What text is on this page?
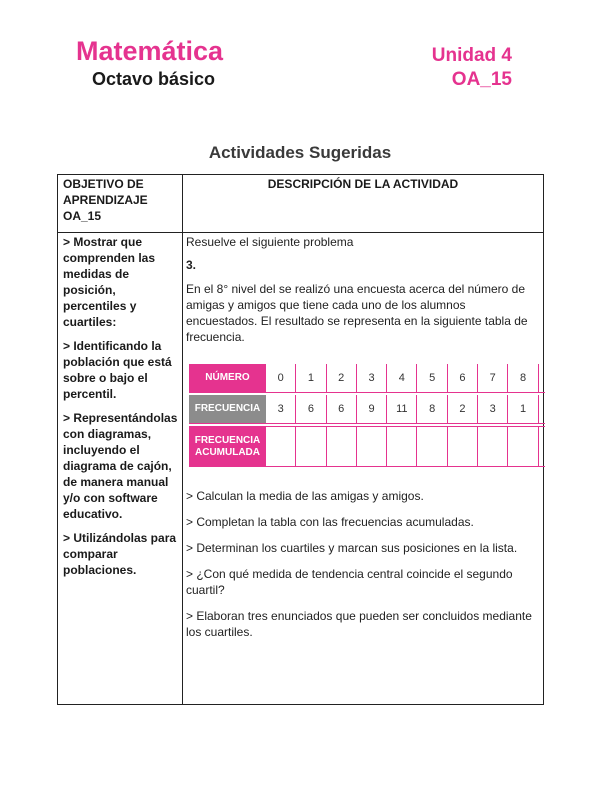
Matemática
Octavo básico
Unidad 4
OA_15
Actividades Sugeridas
OBJETIVO DE
APRENDIZAJE
OA_15
DESCRIPCIÓN DE LA ACTIVIDAD

> Mostrar que comprenden las medidas de posición, percentiles y cuartiles:

> Identificando la población que está sobre o bajo el percentil.

> Representándolas con diagramas, incluyendo el diagrama de cajón, de manera manual y/o con software educativo.

> Utilizándolas para comparar poblaciones.

Resuelve el siguiente problema

3.

En el 8° nivel del se realizó una encuesta acerca del número de amigas y amigos que tiene cada uno de los alumnos encuestados. El resultado se representa en la siguiente tabla de frecuencia.

NÚMERO	0	1	2	3	4	5	6	7	8
FRECUENCIA	3	6	6	9	11	8	2	3	1
FRECUENCIA ACUMULADA

> Calculan la media de las amigas y amigos.

> Completan la tabla con las frecuencias acumuladas.

> Determinan los cuartiles y marcan sus posiciones en la lista.

> ¿Con qué medida de tendencia central coincide el segundo cuartil?

> Elaboran tres enunciados que pueden ser concluidos mediante los cuartiles.
